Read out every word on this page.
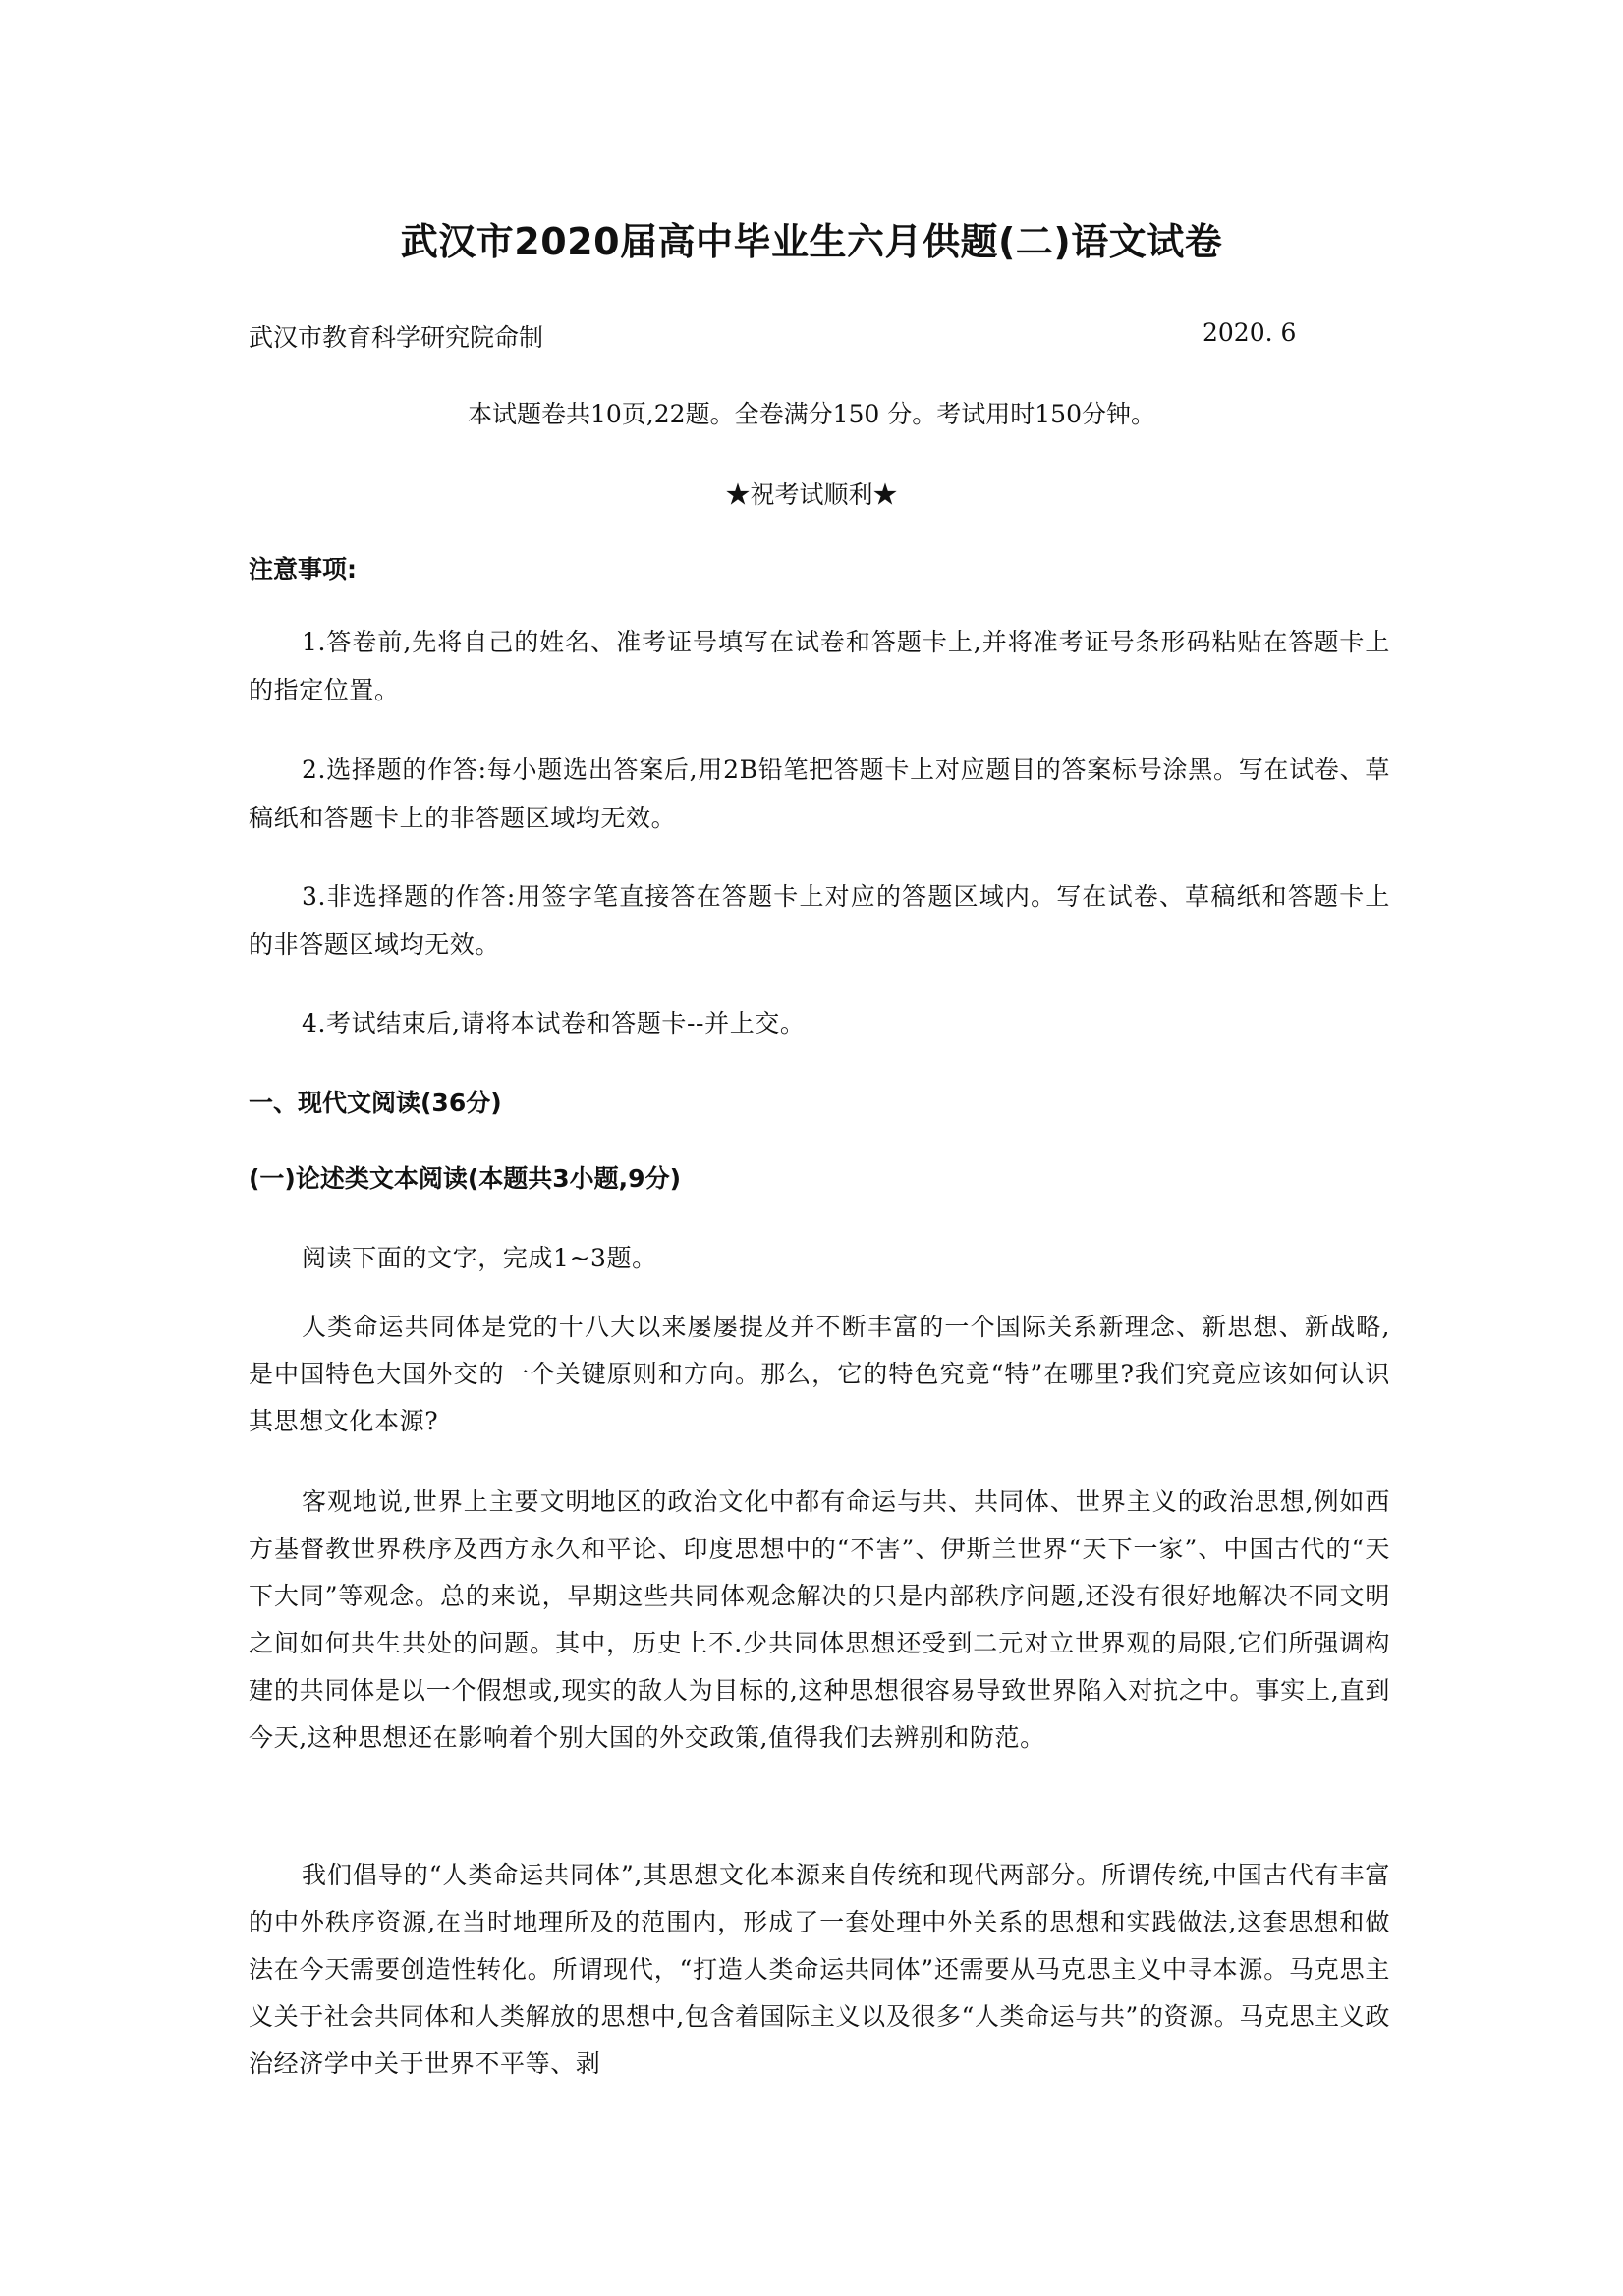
武汉市2020届高中毕业生六月供题(二)语文试卷
武汉市教育科学研究院命制	2020. 6
本试题卷共10页,22题。全卷满分150 分。考试用时150分钟。
★祝考试顺利★
注意事项:

1.答卷前,先将自己的姓名、准考证号填写在试卷和答题卡上,并将准考证号条形码粘贴在答题卡上的指定位置。

2.选择题的作答:每小题选出答案后,用2B铅笔把答题卡上对应题目的答案标号涂黑。写在试卷、草稿纸和答题卡上的非答题区域均无效。

3.非选择题的作答:用签字笔直接答在答题卡上对应的答题区域内。写在试卷、草稿纸和答题卡上的非答题区域均无效。

4.考试结束后,请将本试卷和答题卡--并上交。

一、现代文阅读(36分)
(一)论述类文本阅读(本题共3小题,9分)

阅读下面的文字，完成1~3题。

人类命运共同体是党的十八大以来屡屡提及并不断丰富的一个国际关系新理念、新思想、新战略,是中国特色大国外交的一个关键原则和方向。那么，它的特色究竟“特”在哪里?我们究竟应该如何认识其思想文化本源?

客观地说,世界上主要文明地区的政治文化中都有命运与共、共同体、世界主义的政治思想,例如西方基督教世界秩序及西方永久和平论、印度思想中的“不害”、伊斯兰世界“天下一家”、中国古代的“天下大同”等观念。总的来说，早期这些共同体观念解决的只是内部秩序问题,还没有很好地解决不同文明之间如何共生共处的问题。其中，历史上不.少共同体思想还受到二元对立世界观的局限,它们所强调构建的共同体是以一个假想或,现实的敌人为目标的,这种思想很容易导致世界陷入对抗之中。事实上,直到今天,这种思想还在影响着个别大国的外交政策,值得我们去辨别和防范。

我们倡导的“人类命运共同体”,其思想文化本源来自传统和现代两部分。所谓传统,中国古代有丰富的中外秩序资源,在当时地理所及的范围内，形成了一套处理中外关系的思想和实践做法,这套思想和做法在今天需要创造性转化。所谓现代，“打造人类命运共同体”还需要从马克思主义中寻本源。马克思主义关于社会共同体和人类解放的思想中,包含着国际主义以及很多“人类命运与共”的资源。马克思主义政治经济学中关于世界不平等、剥
